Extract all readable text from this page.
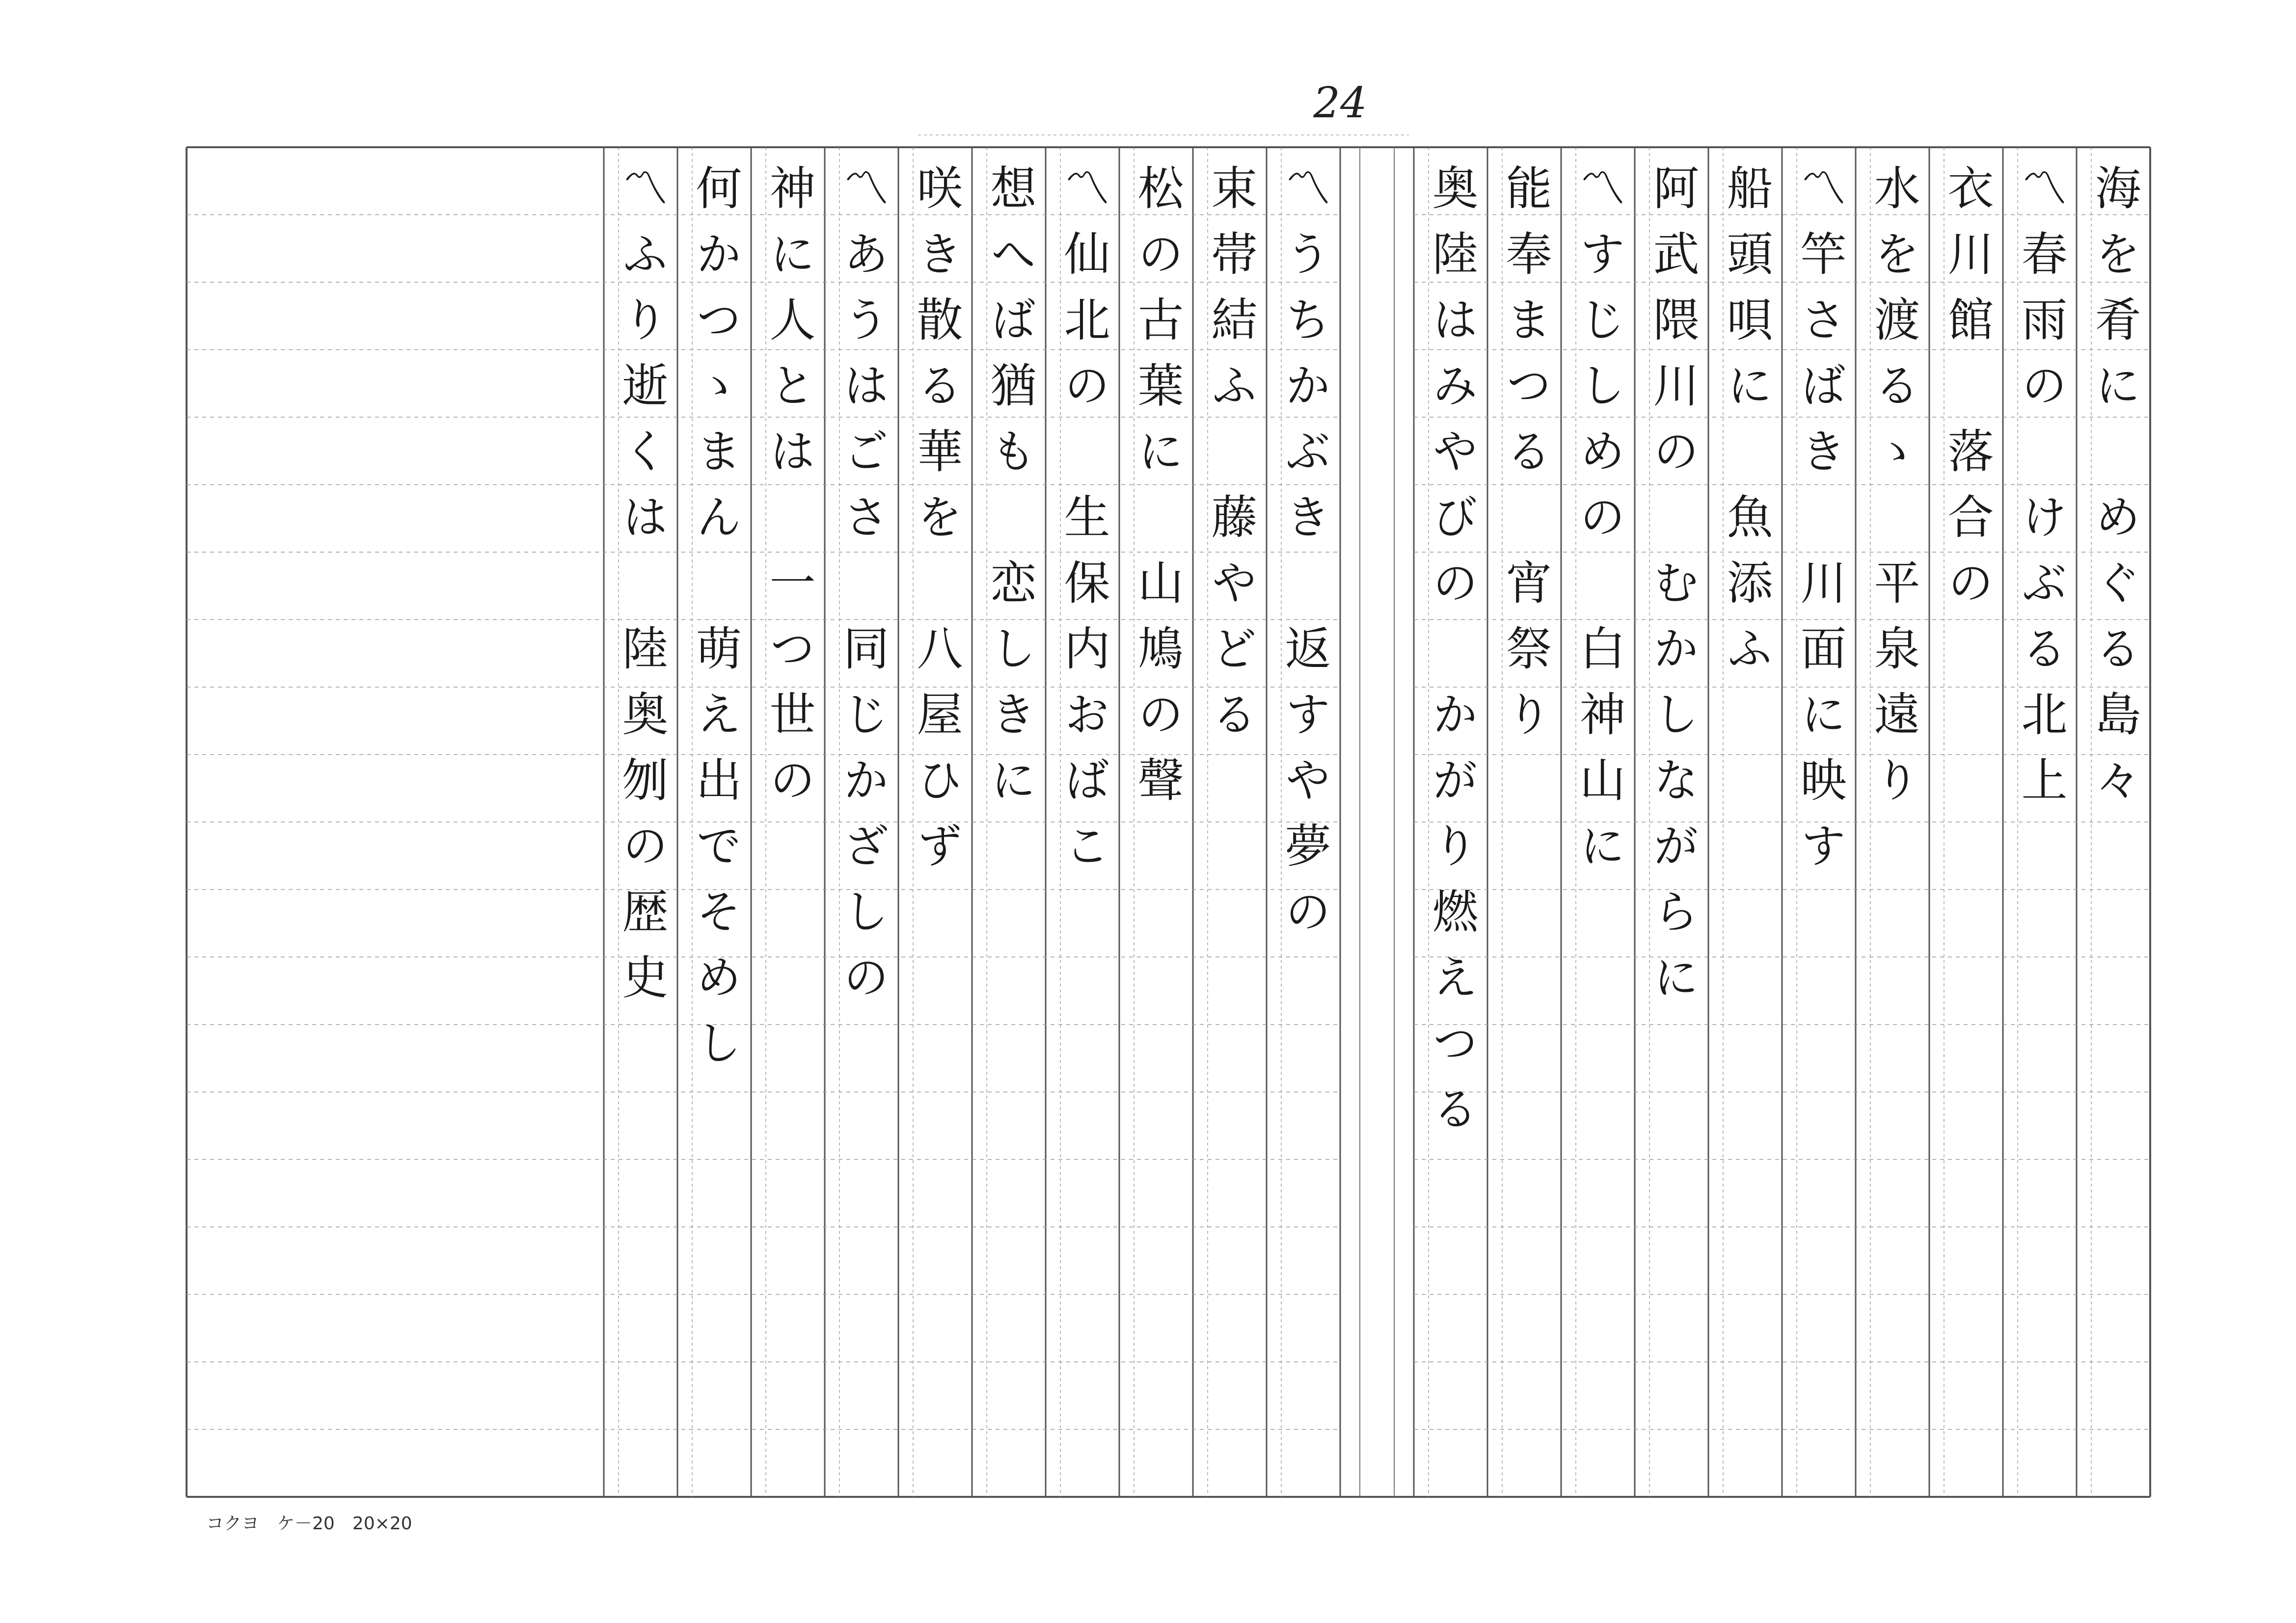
24
海を肴に　めぐる島々
〽春雨の　けぶる北上
衣川館　落合の
水を渡るゝ　平泉遠り
〽竿さばき　川面に映す
船頭唄に　魚添ふ
阿武隈川の　むかしながらに
〽すじしめの　白神山に
能奉まつる　宵祭り
奥陸はみやびの　かがり燃えつる
〽うちかぶき　返すや夢の
束帯結ふ　藤やどる
松の古葉に　山鳩の聲
〽仙北の　生保内おばこ
想へば猶も　恋しきに
咲き散る華を　八屋ひず
〽あうはごさ　同じかざしの
神に人とは　一つ世の
何かつゝまん　萌え出でそめし
〽ふり逝くは　陸奥刎の歴史
コクヨ　ケ－20　20×20
